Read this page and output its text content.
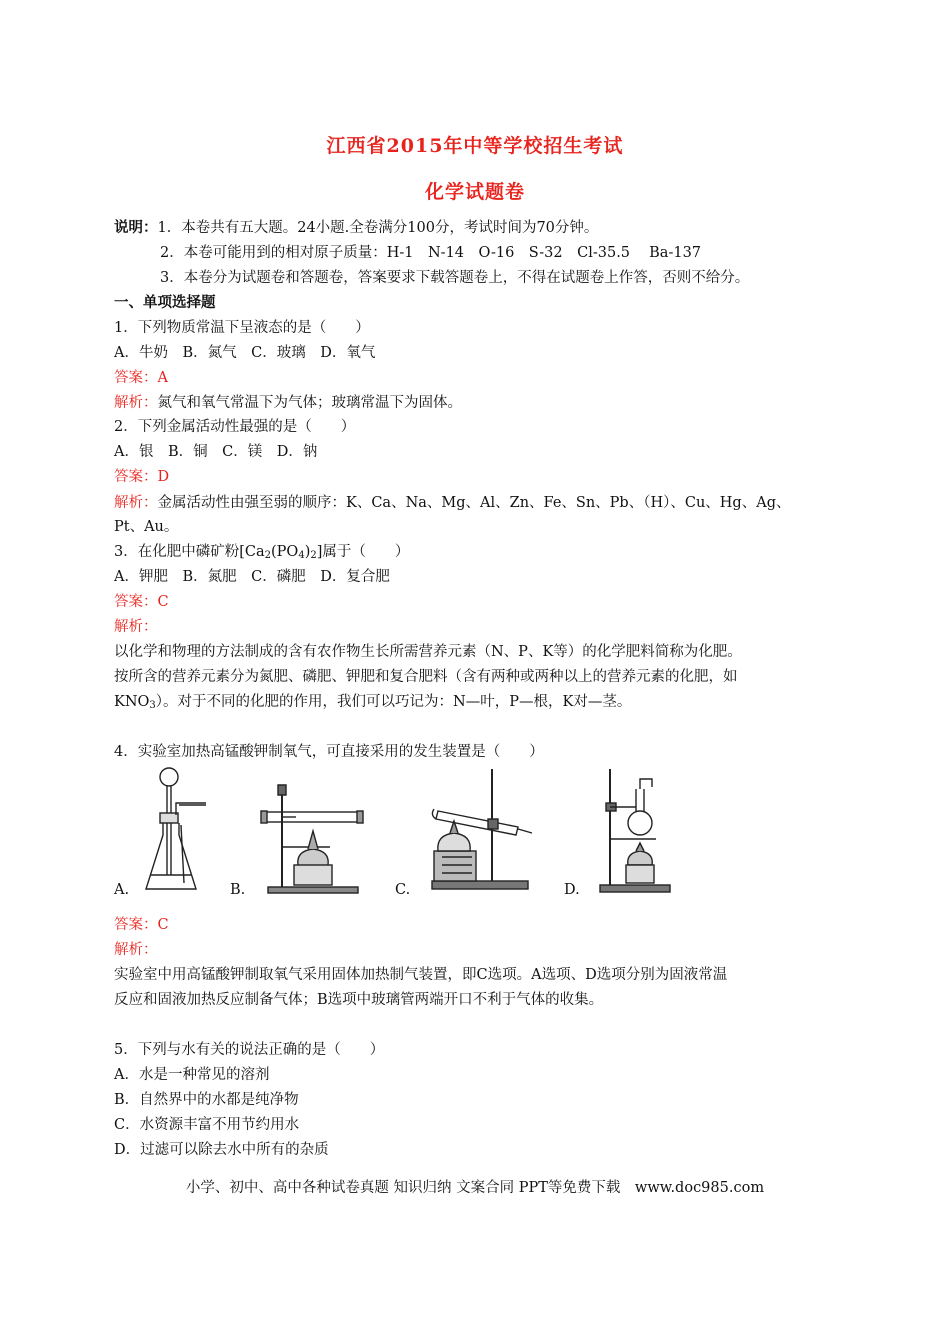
江西省2015年中等学校招生考试
化学试题卷
说明：1．本卷共有五大题。24小题.全卷满分100分，考试时间为70分钟。
2．本卷可能用到的相对原子质量：H-1　N-14　O-16　S-32　Cl-35.5　 Ba-137
3．本卷分为试题卷和答题卷，答案要求下载答题卷上，不得在试题卷上作答，否则不给分。
一、单项选择题
1．下列物质常温下呈液态的是（　　）
A．牛奶　B．氮气　C．玻璃　D．氧气
答案：A
解析：氮气和氧气常温下为气体；玻璃常温下为固体。
2．下列金属活动性最强的是（　　）
A．银　B．铜　C．镁　D．钠
答案：D
解析：金属活动性由强至弱的顺序：K、Ca、Na、Mg、Al、Zn、Fe、Sn、Pb、（H）、Cu、Hg、Ag、
Pt、Au。
3．在化肥中磷矿粉$[Ca_2(PO_4)_2]$属于（　　）
A．钾肥　B．氮肥　C．磷肥　D．复合肥
答案：C
解析：
以化学和物理的方法制成的含有农作物生长所需营养元素（N、P、K等）的化学肥料简称为化肥。
按所含的营养元素分为氮肥、磷肥、钾肥和复合肥料（含有两种或两种以上的营养元素的化肥，如
$KNO_3$）。对于不同的化肥的作用，我们可以巧记为：N—叶，P—根，K对—茎。
4．实验室加热高锰酸钾制氧气，可直接采用的发生装置是（　　）
A.	B.	C.	D.
答案：C
解析：
实验室中用高锰酸钾制取氧气采用固体加热制气装置，即C选项。A选项、D选项分别为固液常温
反应和固液加热反应制备气体；B选项中玻璃管两端开口不利于气体的收集。
5．下列与水有关的说法正确的是（　　）
A．水是一种常见的溶剂
B．自然界中的水都是纯净物
C．水资源丰富不用节约用水
D．过滤可以除去水中所有的杂质
小学、初中、高中各种试卷真题 知识归纳 文案合同 PPT等免费下载　www.doc985.com
